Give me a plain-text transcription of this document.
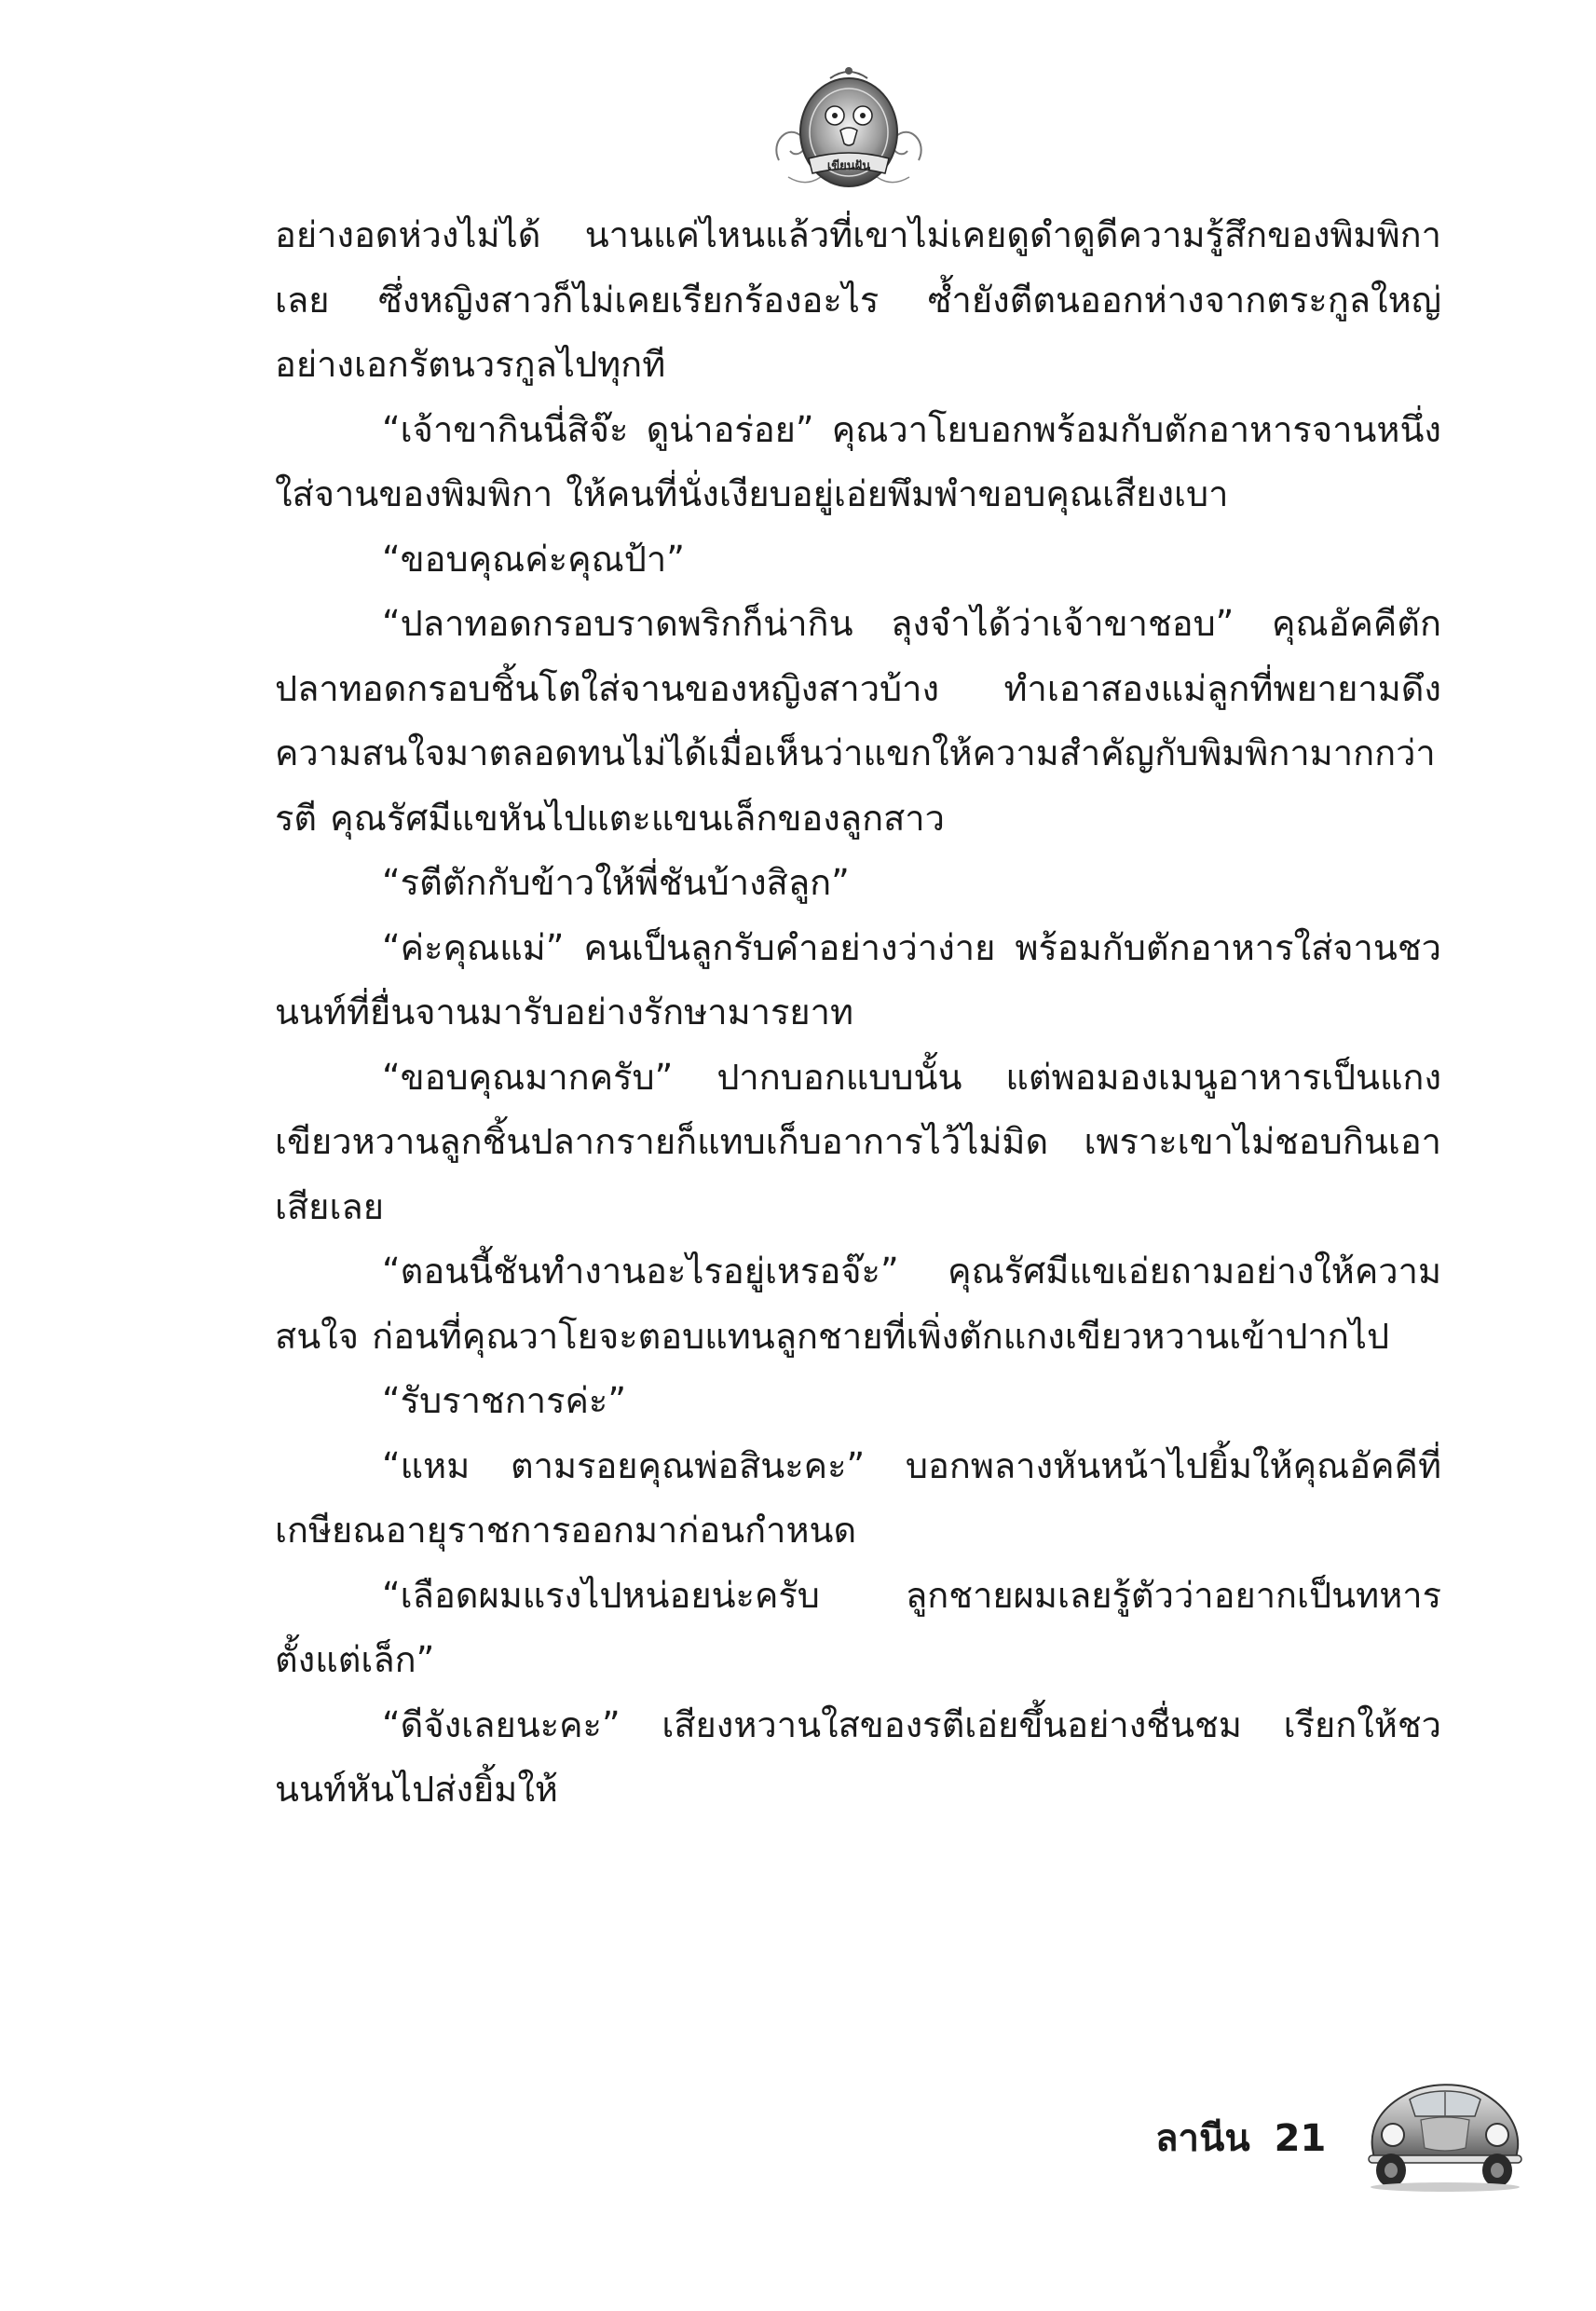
เขียนฝัน

อย่างอดห่วงไม่ได้ นานแค่ไหนแล้วที่เขาไม่เคยดูดำดูดีความรู้สึกของพิมพิกาเลย ซึ่งหญิงสาวก็ไม่เคยเรียกร้องอะไร ซ้ำยังตีตนออกห่างจากตระกูลใหญ่อย่างเอกรัตนวรกูลไปทุกที

“เจ้าขากินนี่สิจ๊ะ ดูน่าอร่อย” คุณวาโยบอกพร้อมกับตักอาหารจานหนึ่งใส่จานของพิมพิกา ให้คนที่นั่งเงียบอยู่เอ่ยพึมพำขอบคุณเสียงเบา

“ขอบคุณค่ะคุณป้า”

“ปลาทอดกรอบราดพริกก็น่ากิน ลุงจำได้ว่าเจ้าขาชอบ” คุณอัคคีตักปลาทอดกรอบชิ้นโตใส่จานของหญิงสาวบ้าง ทำเอาสองแม่ลูกที่พยายามดึงความสนใจมาตลอดทนไม่ได้เมื่อเห็นว่าแขกให้ความสำคัญกับพิมพิกามากกว่ารตี คุณรัศมีแขหันไปแตะแขนเล็กของลูกสาว

“รตีตักกับข้าวให้พี่ชันบ้างสิลูก”

“ค่ะคุณแม่” คนเป็นลูกรับคำอย่างว่าง่าย พร้อมกับตักอาหารใส่จานชวนนท์ที่ยื่นจานมารับอย่างรักษามารยาท

“ขอบคุณมากครับ” ปากบอกแบบนั้น แต่พอมองเมนูอาหารเป็นแกงเขียวหวานลูกชิ้นปลากรายก็แทบเก็บอาการไว้ไม่มิด เพราะเขาไม่ชอบกินเอาเสียเลย

“ตอนนี้ชันทำงานอะไรอยู่เหรอจ๊ะ” คุณรัศมีแขเอ่ยถามอย่างให้ความสนใจ ก่อนที่คุณวาโยจะตอบแทนลูกชายที่เพิ่งตักแกงเขียวหวานเข้าปากไป

“รับราชการค่ะ”

“แหม ตามรอยคุณพ่อสินะคะ” บอกพลางหันหน้าไปยิ้มให้คุณอัคคีที่เกษียณอายุราชการออกมาก่อนกำหนด

“เลือดผมแรงไปหน่อยน่ะครับ ลูกชายผมเลยรู้ตัวว่าอยากเป็นทหารตั้งแต่เล็ก”

“ดีจังเลยนะคะ” เสียงหวานใสของรตีเอ่ยขึ้นอย่างชื่นชม เรียกให้ชวนนท์หันไปส่งยิ้มให้

ลานีน 21
